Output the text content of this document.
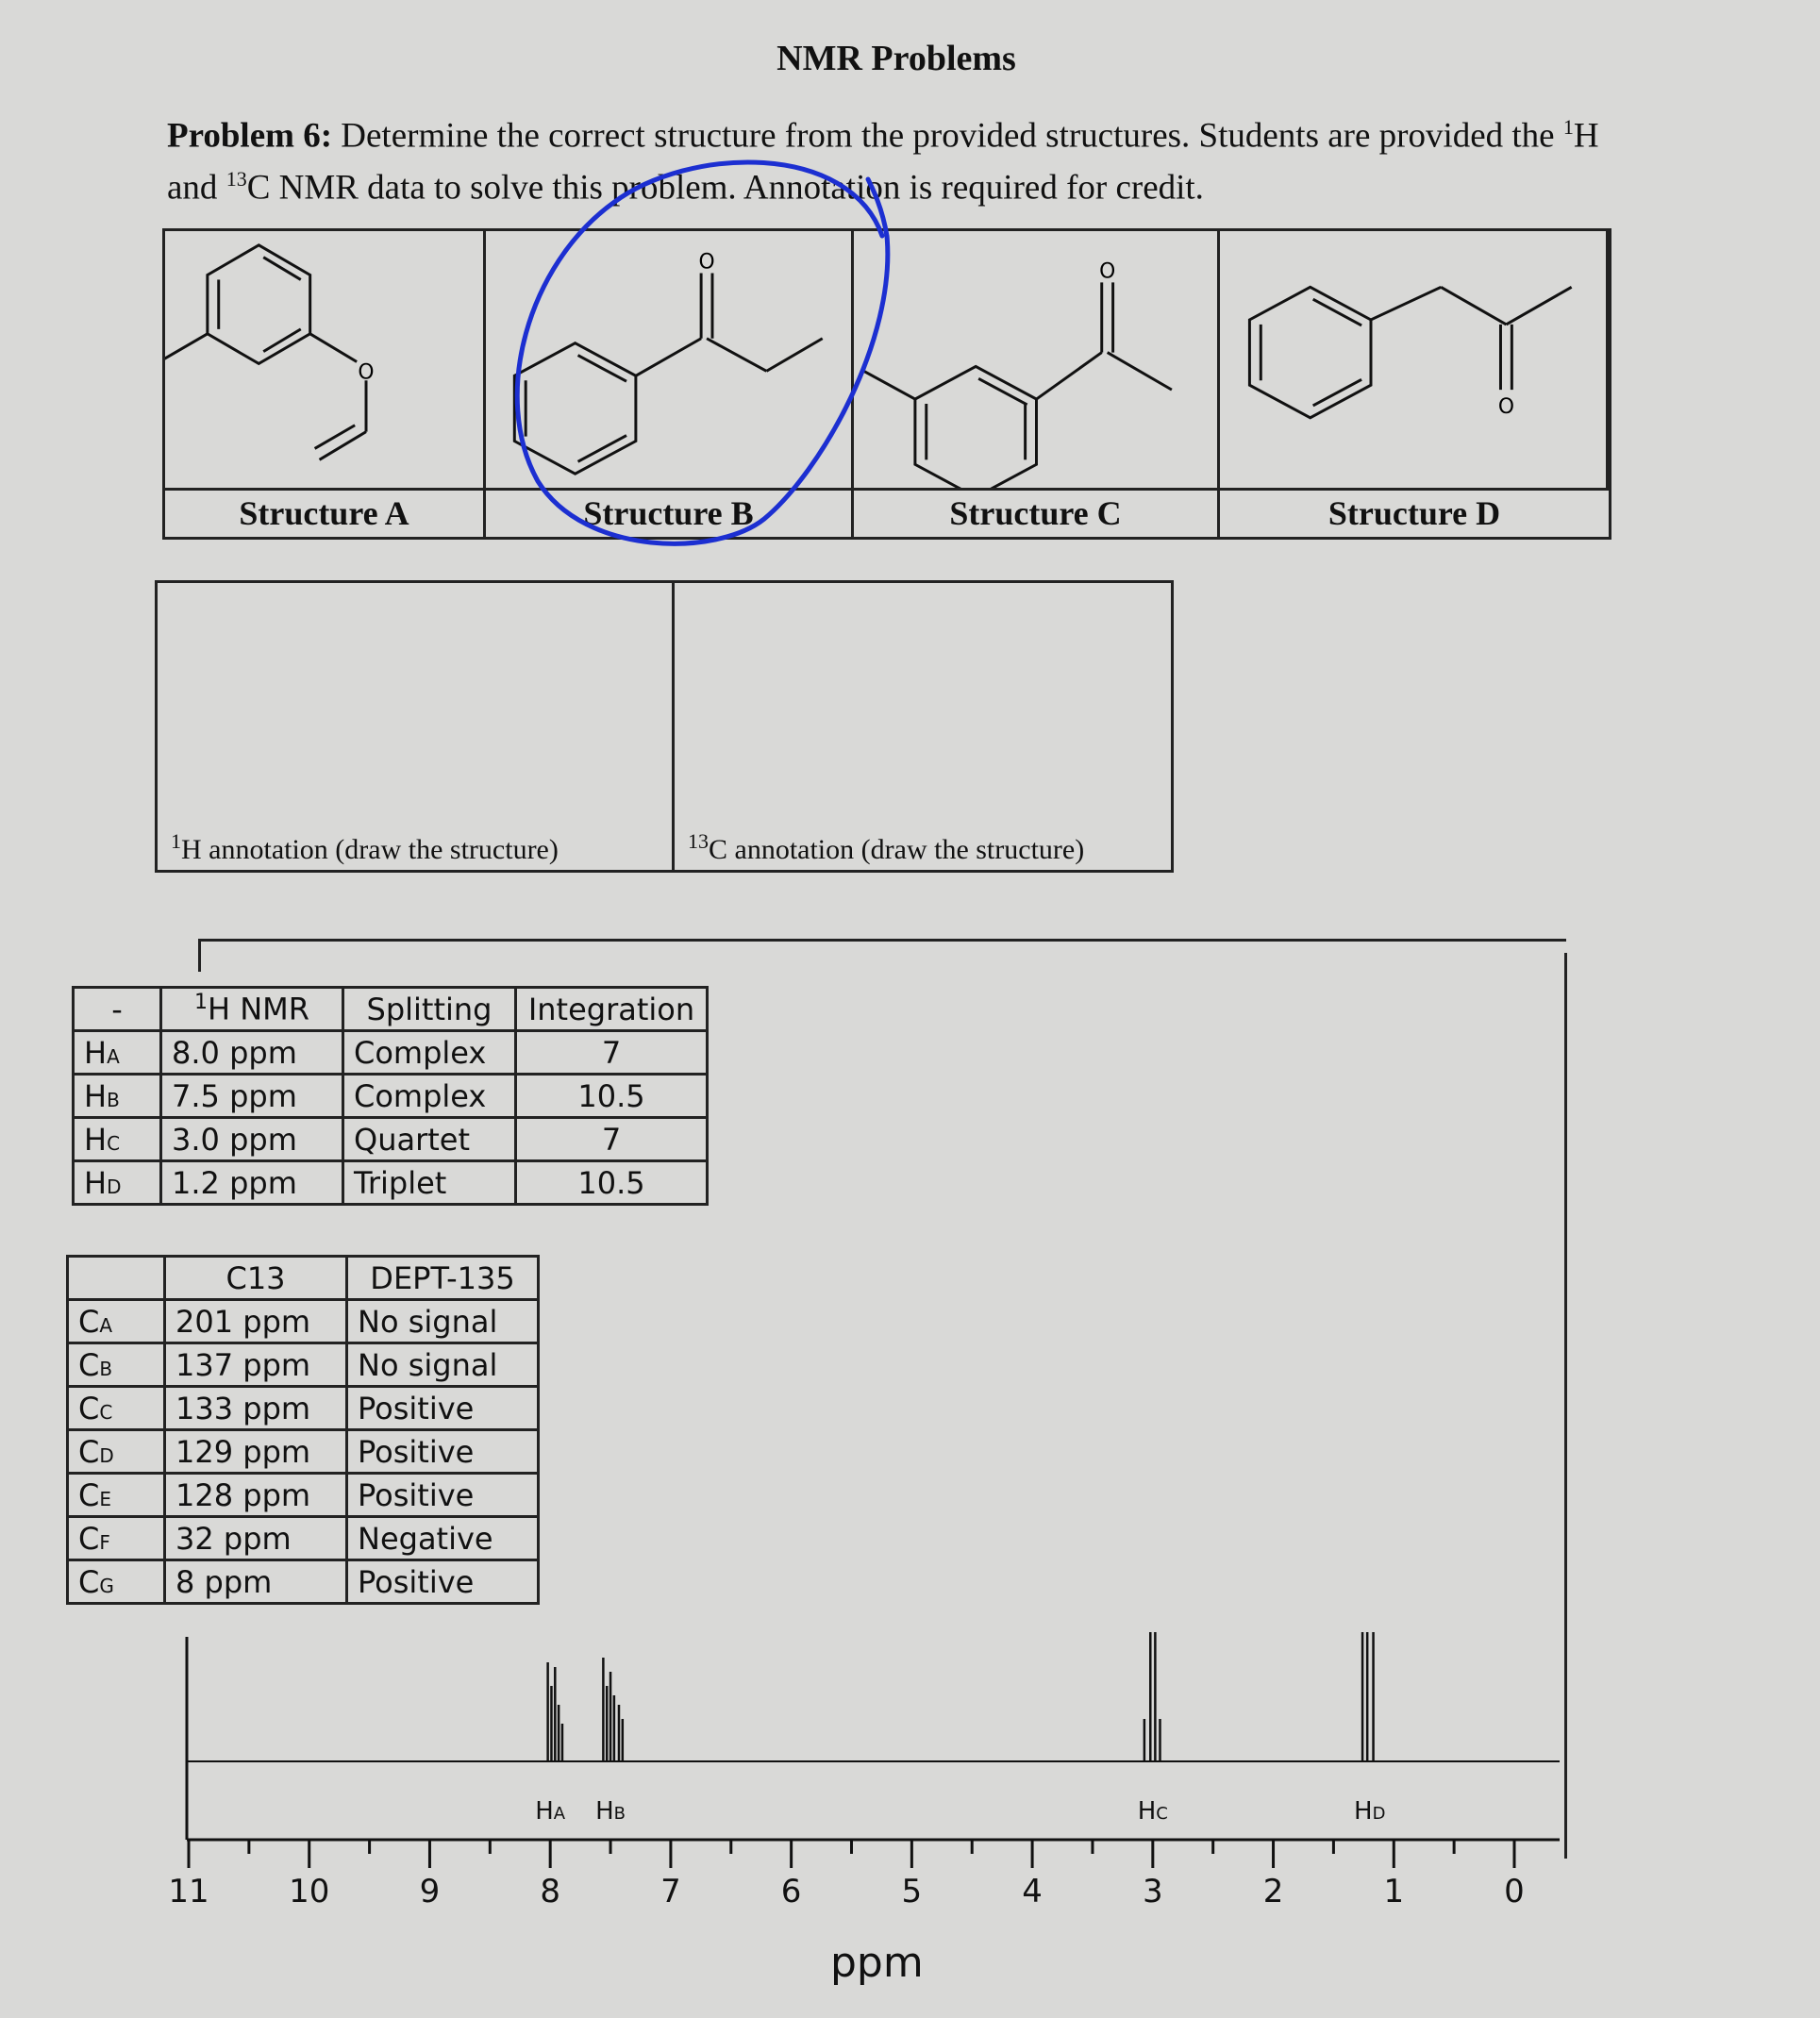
NMR Problems
Problem 6: Determine the correct structure from the provided structures. Students are provided the $^1$H and $^{13}$C NMR data to solve this problem. Annotation is required for credit.
O
O	O
O
Structure A	Structure B	Structure C	Structure D
$^1$H annotation (draw the structure)	$^{13}$C annotation (draw the structure)
-	$^1$H NMR	Splitting	Integration
HA	8.0 ppm	Complex	7
HB	7.5 ppm	Complex	10.5
HC	3.0 ppm	Quartet	7
HD	1.2 ppm	Triplet	10.5
	C13	DEPT-135
CA	201 ppm	No signal
CB	137 ppm	No signal
CC	133 ppm	Positive
CD	129 ppm	Positive
CE	128 ppm	Positive
CF	32 ppm	Negative
CG	8 ppm	Positive
11 10	9	8	7	6	5	4	3	2	1	0
HA HB	HC	HD
ppm
